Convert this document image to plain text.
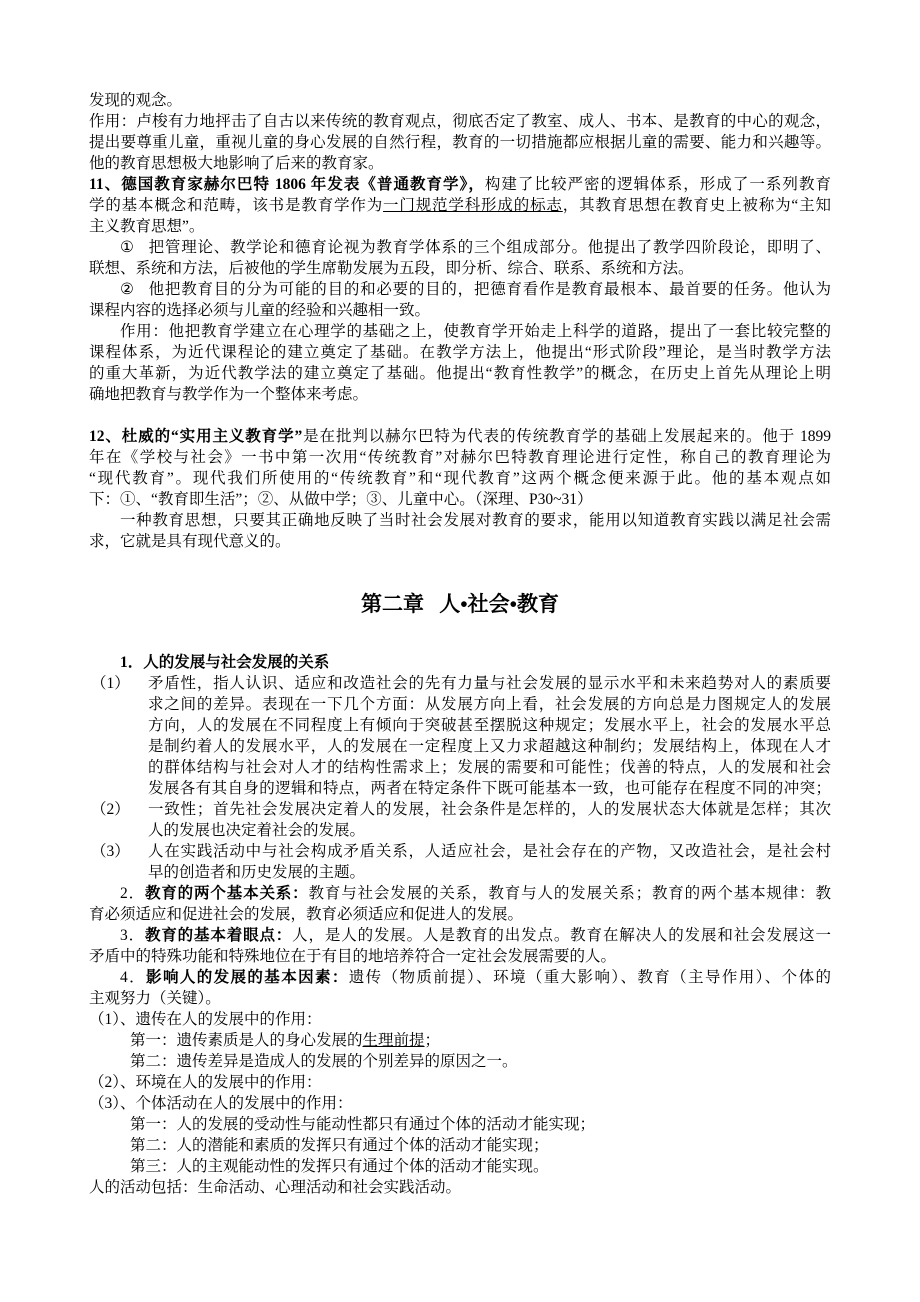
发现的观念。
作用：卢梭有力地抨击了自古以来传统的教育观点，彻底否定了教室、成人、书本、是教育的中心的观念，
提出要尊重儿童，重视儿童的身心发展的自然行程，教育的一切措施都应根据儿童的需要、能力和兴趣等。
他的教育思想极大地影响了后来的教育家。
11、德国教育家赫尔巴特 1806 年发表《普通教育学》，构建了比较严密的逻辑体系，形成了一系列教育
学的基本概念和范畴，该书是教育学作为一门规范学科形成的标志，其教育思想在教育史上被称为“主知
主义教育思想”。
① 把管理论、教学论和德育论视为教育学体系的三个组成部分。他提出了教学四阶段论，即明了、
联想、系统和方法，后被他的学生席勒发展为五段，即分析、综合、联系、系统和方法。
② 他把教育目的分为可能的目的和必要的目的，把德育看作是教育最根本、最首要的任务。他认为
课程内容的选择必须与儿童的经验和兴趣相一致。
作用：他把教育学建立在心理学的基础之上，使教育学开始走上科学的道路，提出了一套比较完整的
课程体系，为近代课程论的建立奠定了基础。在教学方法上，他提出“形式阶段”理论，是当时教学方法
的重大革新，为近代教学法的建立奠定了基础。他提出“教育性教学”的概念，在历史上首先从理论上明
确地把教育与教学作为一个整体来考虑。
12、杜威的“实用主义教育学”是在批判以赫尔巴特为代表的传统教育学的基础上发展起来的。他于 1899
年在《学校与社会》一书中第一次用“传统教育”对赫尔巴特教育理论进行定性，称自己的教育理论为
“现代教育”。现代我们所使用的“传统教育”和“现代教育”这两个概念便来源于此。他的基本观点如
下：①、“教育即生活”；②、从做中学；③、儿童中心。（深理、P30~31）
一种教育思想，只要其正确地反映了当时社会发展对教育的要求，能用以知道教育实践以满足社会需
求，它就是具有现代意义的。
第二章 人•社会•教育
1．人的发展与社会发展的关系
（1）	矛盾性，指人认识、适应和改造社会的先有力量与社会发展的显示水平和未来趋势对人的素质要
求之间的差异。表现在一下几个方面：从发展方向上看，社会发展的方向总是力图规定人的发展
方向，人的发展在不同程度上有倾向于突破甚至摆脱这种规定；发展水平上，社会的发展水平总
是制约着人的发展水平，人的发展在一定程度上又力求超越这种制约；发展结构上，体现在人才
的群体结构与社会对人才的结构性需求上；发展的需要和可能性；伐善的特点，人的发展和社会
发展各有其自身的逻辑和特点，两者在特定条件下既可能基本一致，也可能存在程度不同的冲突；
（2）	一致性；首先社会发展决定着人的发展，社会条件是怎样的，人的发展状态大体就是怎样；其次
人的发展也决定着社会的发展。
（3）	人在实践活动中与社会构成矛盾关系，人适应社会，是社会存在的产物，又改造社会，是社会村
早的创造者和历史发展的主题。
2．教育的两个基本关系：教育与社会发展的关系，教育与人的发展关系；教育的两个基本规律：教
育必须适应和促进社会的发展，教育必须适应和促进人的发展。
3．教育的基本着眼点：人，是人的发展。人是教育的出发点。教育在解决人的发展和社会发展这一
矛盾中的特殊功能和特殊地位在于有目的地培养符合一定社会发展需要的人。
4．影响人的发展的基本因素：遗传（物质前提）、环境（重大影响）、教育（主导作用）、个体的
主观努力（关键）。
（1）、遗传在人的发展中的作用：
第一：遗传素质是人的身心发展的生理前提；
第二：遗传差异是造成人的发展的个别差异的原因之一。
（2）、环境在人的发展中的作用：
（3）、个体活动在人的发展中的作用：
第一：人的发展的受动性与能动性都只有通过个体的活动才能实现；
第二：人的潜能和素质的发挥只有通过个体的活动才能实现；
第三：人的主观能动性的发挥只有通过个体的活动才能实现。
人的活动包括：生命活动、心理活动和社会实践活动。
